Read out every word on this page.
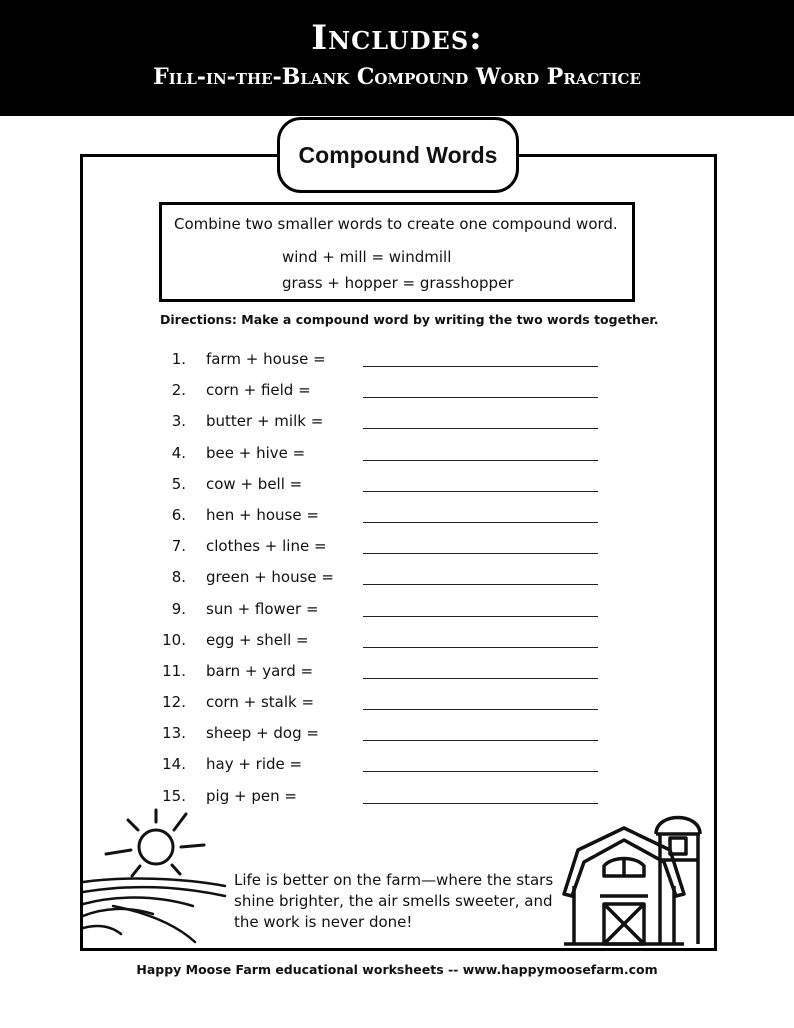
Includes:
Fill-in-the-Blank Compound Word Practice
Compound Words
Combine two smaller words to create one compound word.
wind + mill = windmill
grass + hopper = grasshopper
Directions: Make a compound word by writing the two words together.
1. farm + house =
2. corn + field =
3. butter + milk =
4. bee + hive =
5. cow + bell =
6. hen + house =
7. clothes + line =
8. green + house =
9. sun + flower =
10. egg + shell =
11. barn + yard =
12. corn + stalk =
13. sheep + dog =
14. hay + ride =
15. pig + pen =
Life is better on the farm—where the stars shine brighter, the air smells sweeter, and the work is never done!
Happy Moose Farm educational worksheets -- www.happymoosefarm.com
